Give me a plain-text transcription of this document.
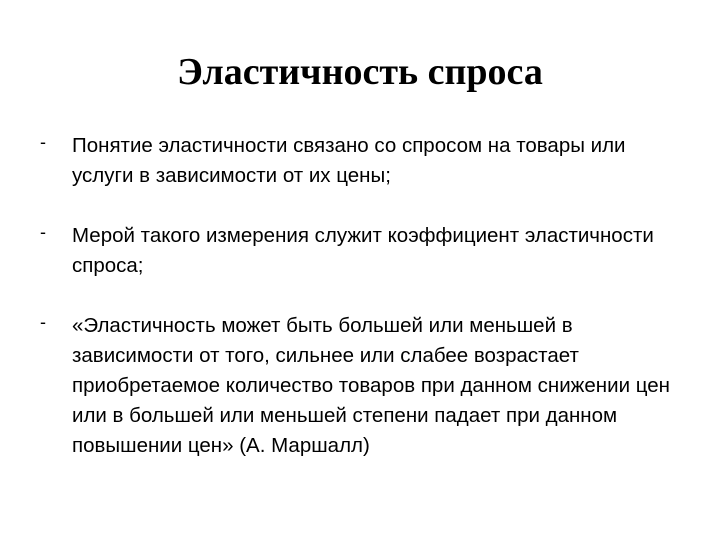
Эластичность спроса
-	Понятие эластичности связано со спросом на товары или услуги в зависимости от их цены;
-	Мерой такого измерения служит коэффициент эластичности спроса;
-	«Эластичность может быть большей или меньшей в зависимости от того, сильнее или слабее возрастает приобретаемое количество товаров при данном снижении цен или в большей или меньшей степени падает при данном повышении цен» (А. Маршалл)
